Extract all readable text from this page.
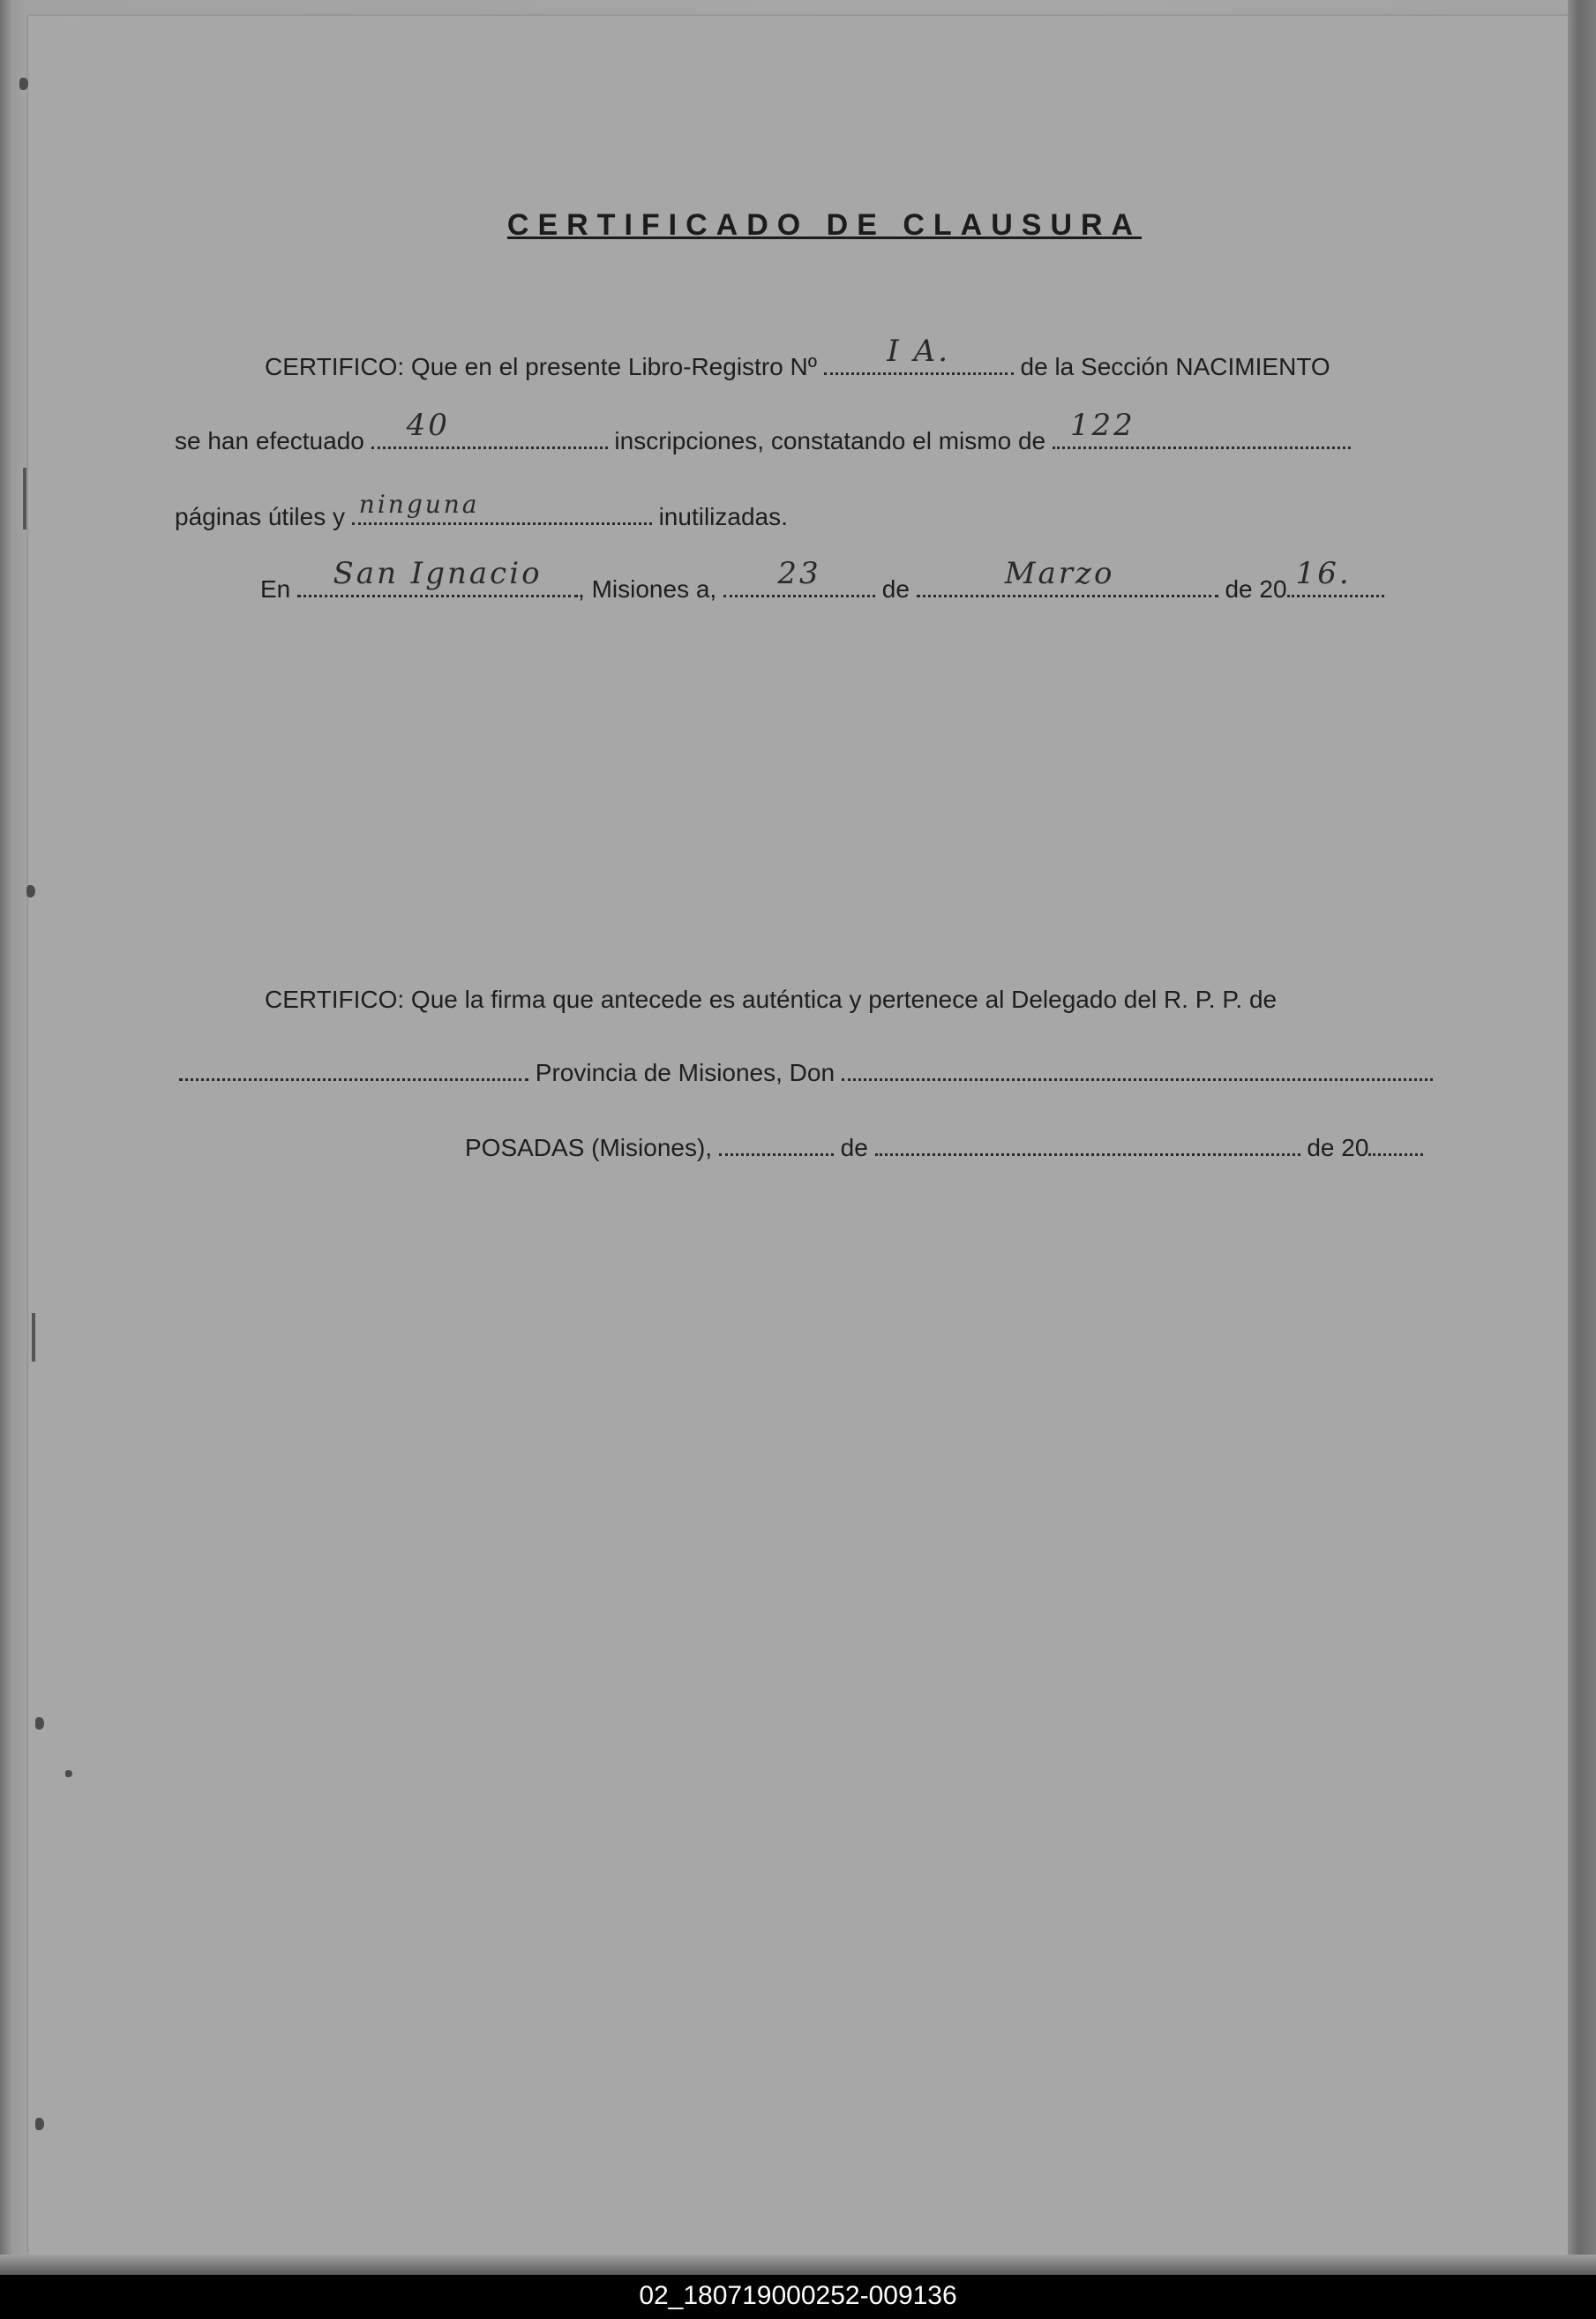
CERTIFICADO DE CLAUSURA
CERTIFICO: Que en el presente Libro-Registro Nº	I A.	de la Sección NACIMIENTO
se han efectuado	40	inscripciones, constatando el mismo de 122
páginas útiles y ninguna	inutilizadas.
En	San Ignacio	, Misiones a,	23	de	Marzo	de 20 16.
CERTIFICO: Que la firma que antecede es auténtica y pertenece al Delegado del R. P. P. de
Provincia de Misiones, Don
POSADAS (Misiones),	de	de 20
02_180719000252-009136
